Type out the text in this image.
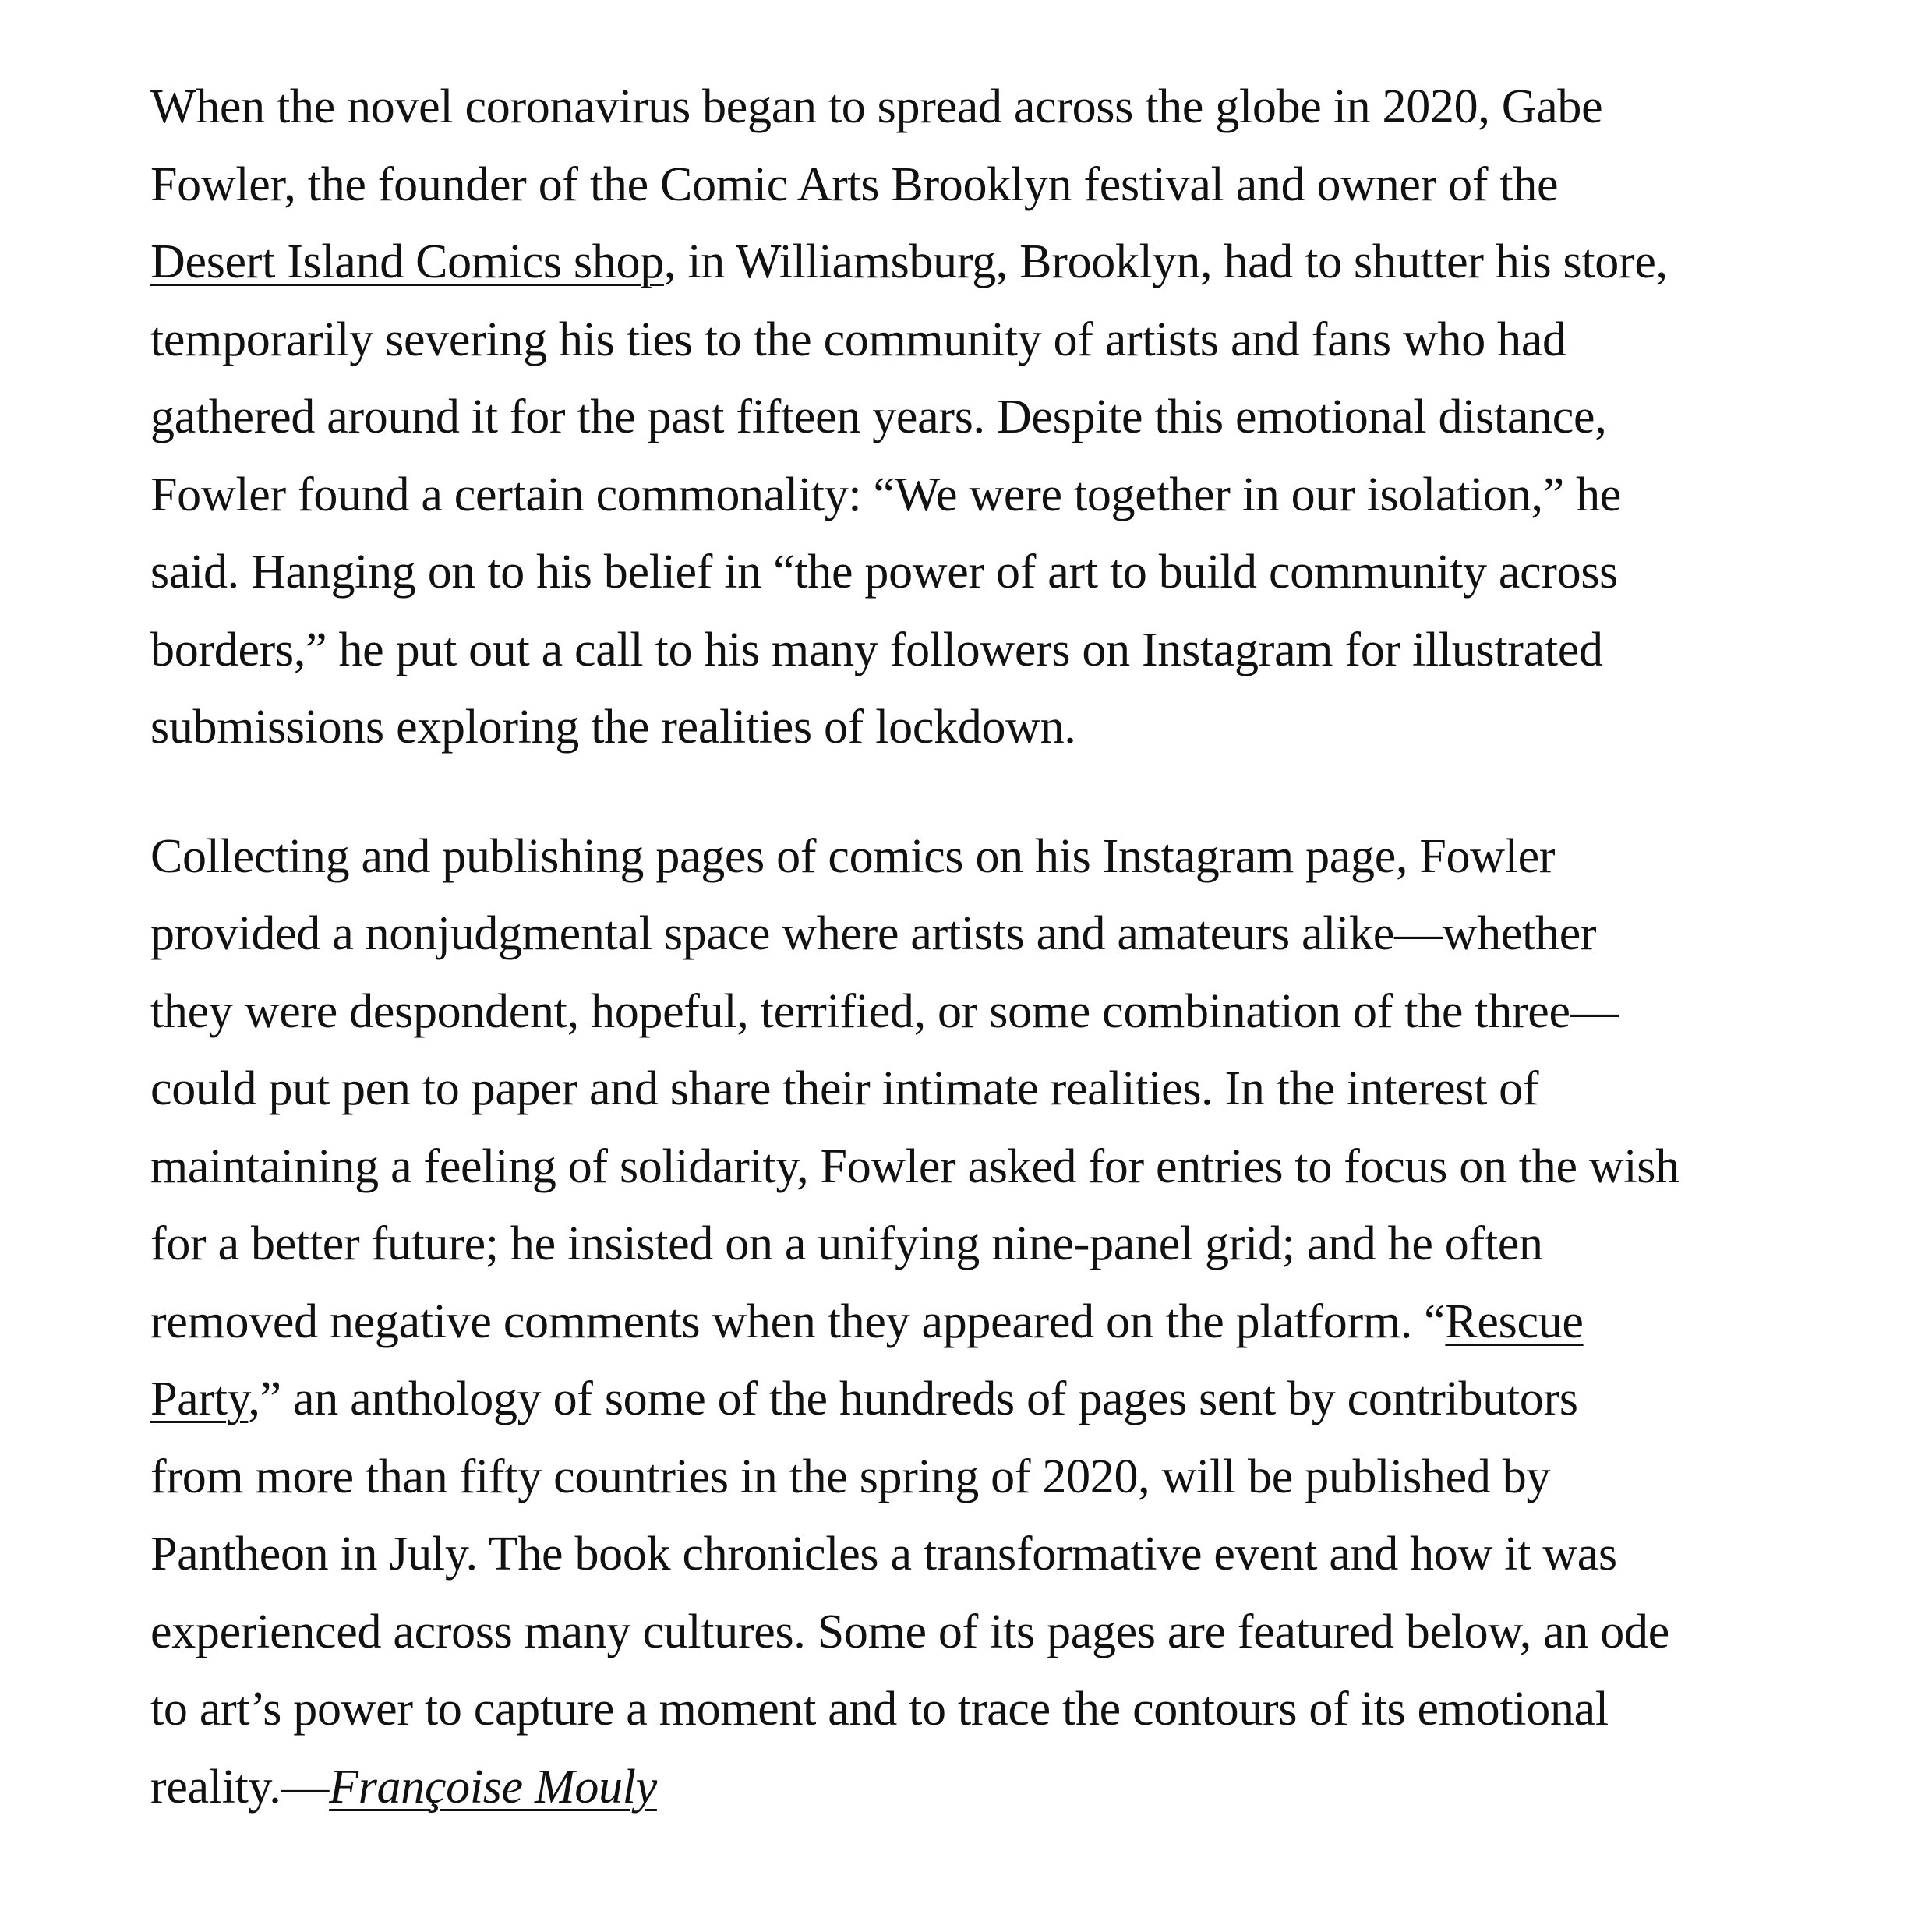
When the novel coronavirus began to spread across the globe in 2020, Gabe
Fowler, the founder of the Comic Arts Brooklyn festival and owner of the
Desert Island Comics shop, in Williamsburg, Brooklyn, had to shutter his store,
temporarily severing his ties to the community of artists and fans who had
gathered around it for the past fifteen years. Despite this emotional distance,
Fowler found a certain commonality: “We were together in our isolation,” he
said. Hanging on to his belief in “the power of art to build community across
borders,” he put out a call to his many followers on Instagram for illustrated
submissions exploring the realities of lockdown.

Collecting and publishing pages of comics on his Instagram page, Fowler
provided a nonjudgmental space where artists and amateurs alike—whether
they were despondent, hopeful, terrified, or some combination of the three—
could put pen to paper and share their intimate realities. In the interest of
maintaining a feeling of solidarity, Fowler asked for entries to focus on the wish
for a better future; he insisted on a unifying nine-panel grid; and he often
removed negative comments when they appeared on the platform. “Rescue
Party,” an anthology of some of the hundreds of pages sent by contributors
from more than fifty countries in the spring of 2020, will be published by
Pantheon in July. The book chronicles a transformative event and how it was
experienced across many cultures. Some of its pages are featured below, an ode
to art’s power to capture a moment and to trace the contours of its emotional
reality.—Françoise Mouly
